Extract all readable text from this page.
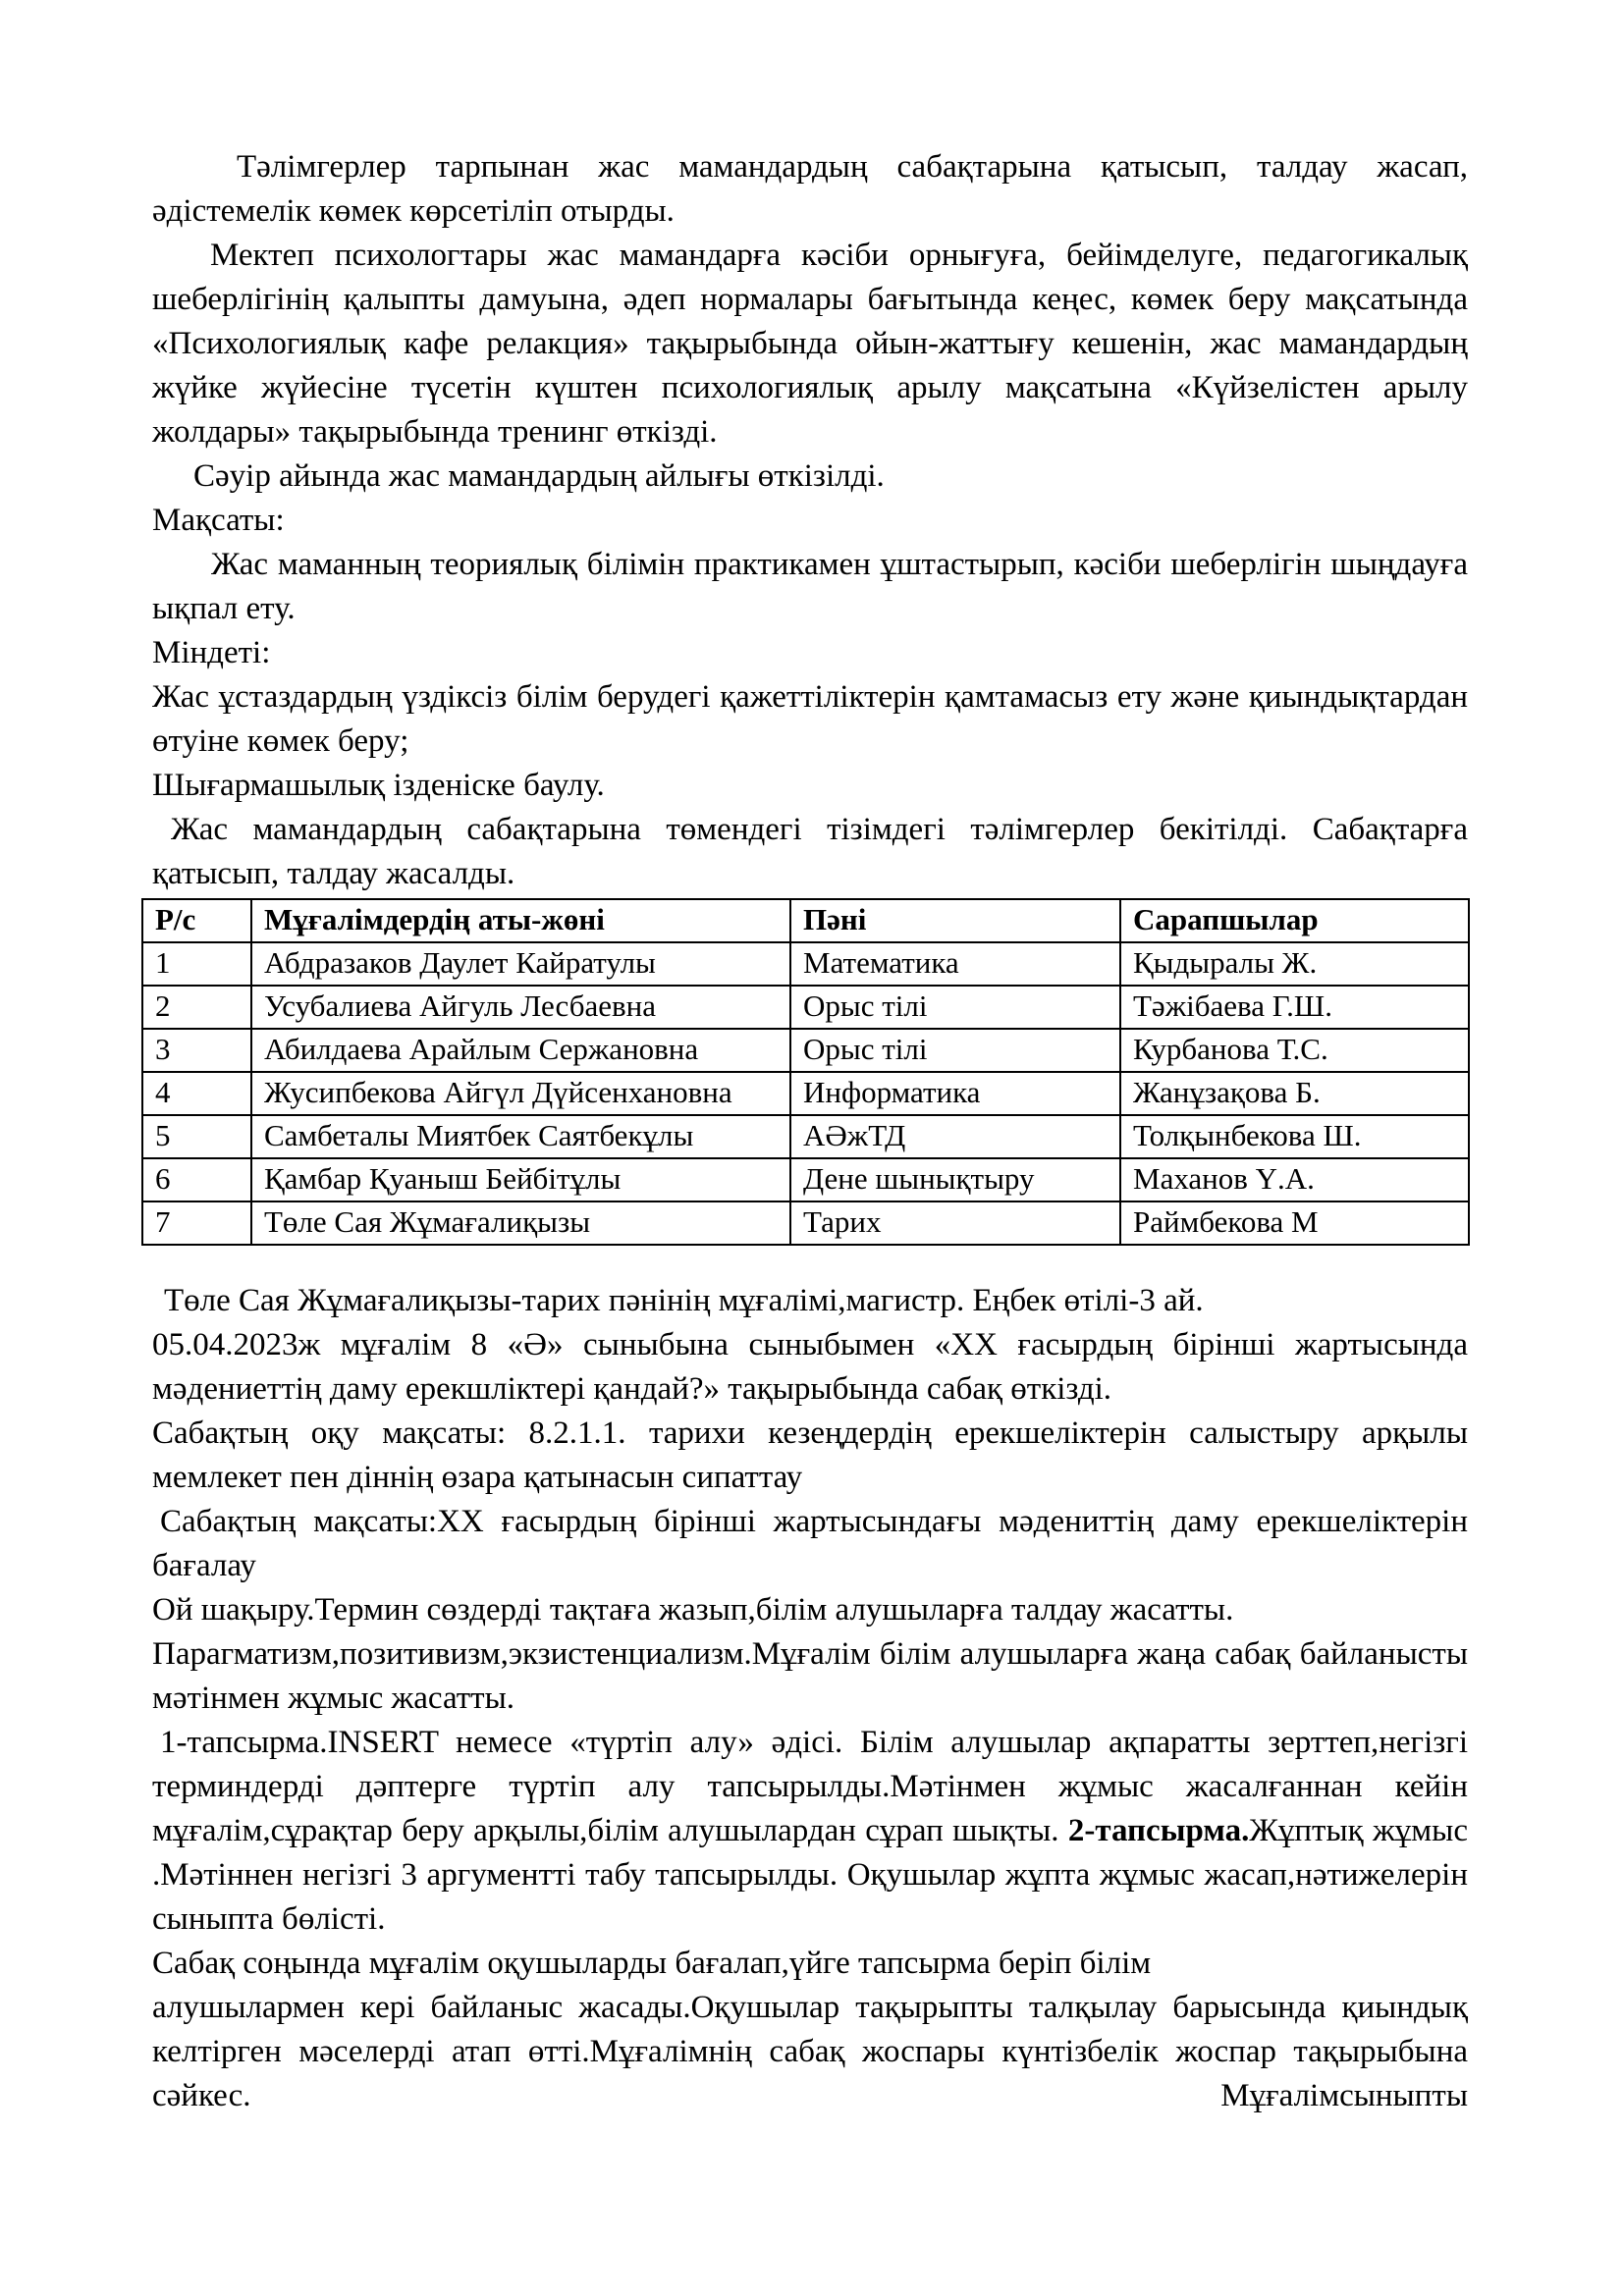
Тәлімгерлер тарпынан жас мамандардың сабақтарына қатысып, талдау жасап, әдістемелік көмек көрсетіліп отырды.

Мектеп психологтары жас мамандарға кәсіби орнығуға, бейімделуге, педагогикалық шеберлігінің қалыпты дамуына, әдеп нормалары бағытында кеңес, көмек беру мақсатында «Психологиялық кафе релакция» тақырыбында ойын-жаттығу кешенін, жас мамандардың жүйке жүйесіне түсетін күштен психологиялық арылу мақсатына «Күйзелістен арылу жолдары» тақырыбында тренинг өткізді.

Сәуір айында жас мамандардың айлығы өткізілді.

Мақсаты:

Жас маманның теориялық білімін практикамен ұштастырып, кәсіби шеберлігін шыңдауға ықпал ету.

Міндеті:

Жас ұстаздардың үздіксіз білім берудегі қажеттіліктерін қамтамасыз ету және қиындықтардан өтуіне көмек беру;

Шығармашылық ізденіске баулу.

Жас мамандардың сабақтарына төмендегі тізімдегі тәлімгерлер бекітілді. Сабақтарға қатысып, талдау жасалды.

Р/с	Мұғалімдердің аты-жөні	Пәні	Сарапшылар
1	Абдразаков Даулет Кайратулы	Математика	Қыдыралы Ж.
2	Усубалиева Айгуль Лесбаевна	Орыс тілі	Тәжібаева Г.Ш.
3	Абилдаева Арайлым Сержановна	Орыс тілі	Курбанова Т.С.
4	Жусипбекова Айгүл Дүйсенхановна	Информатика	Жанұзақова Б.
5	Самбеталы Миятбек Саятбекұлы	АӘжТД	Толқынбекова Ш.
6	Қамбар Қуаныш Бейбітұлы	Дене шынықтыру	Маханов Ү.А.
7	Төле Сая Жұмағалиқызы	Тарих	Раймбекова М

Төле Сая Жұмағалиқызы-тарих пәнінің мұғалімі,магистр. Еңбек өтілі-3 ай.

05.04.2023ж мұғалім 8 «Ә» сыныбына сыныбымен «ХХ ғасырдың бірінші жартысында мәдениеттің даму ерекшліктері қандай?» тақырыбында сабақ өткізді.

Сабақтың оқу мақсаты: 8.2.1.1. тарихи кезеңдердің ерекшеліктерін салыстыру арқылы мемлекет пен діннің өзара қатынасын сипаттау

Сабақтың мақсаты:ХХ ғасырдың бірінші жартысындағы мәдениттің даму ерекшеліктерін бағалау

Ой шақыру.Термин сөздерді тақтаға жазып,білім алушыларға талдау жасатты.

Парагматизм,позитивизм,экзистенциализм.Мұғалім білім алушыларға жаңа сабақ байланысты мәтінмен жұмыс жасатты.

1-тапсырма.INSERT немесе «түртіп алу» әдісі. Білім алушылар ақпаратты зерттеп,негізгі терминдерді дәптерге түртіп алу тапсырылды.Мәтінмен жұмыс жасалғаннан кейін мұғалім,сұрақтар беру арқылы,білім алушылардан сұрап шықты. 2-тапсырма.Жұптық жұмыс .Мәтіннен негізгі 3 аргументті табу тапсырылды. Оқушылар жұпта жұмыс жасап,нәтижелерін сыныпта бөлісті.

Сабақ соңында мұғалім оқушыларды бағалап,үйге тапсырма беріп білім

алушылармен кері байланыс жасады.Оқушылар тақырыпты талқылау барысында қиындық келтірген мәселерді атап өтті.Мұғалімнің сабақ жоспары күнтізбелік жоспар тақырыбына сәйкес. Мұғалімсыныпты
